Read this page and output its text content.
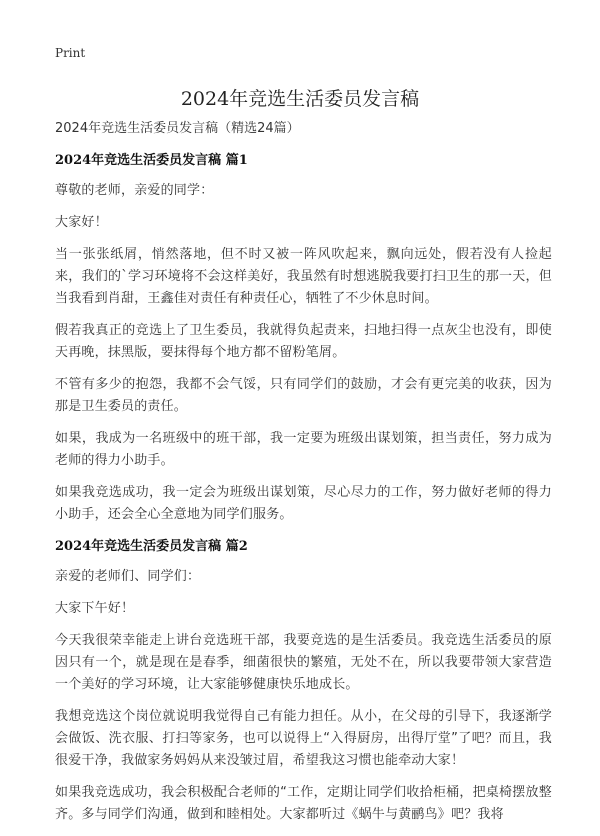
Print
2024年竞选生活委员发言稿

2024年竞选生活委员发言稿（精选24篇）

2024年竞选生活委员发言稿 篇1

尊敬的老师，亲爱的同学：

大家好！

当一张张纸屑，悄然落地，但不时又被一阵风吹起来，飘向远处，假若没有人捡起来，我们的`学习环境将不会这样美好，我虽然有时想逃脱我要打扫卫生的那一天，但当我看到肖甜，王鑫佳对责任有种责任心，牺牲了不少休息时间。

假若我真正的竞选上了卫生委员，我就得负起责来，扫地扫得一点灰尘也没有，即使天再晚，抹黑版，要抹得每个地方都不留粉笔屑。

不管有多少的抱怨，我都不会气馁，只有同学们的鼓励，才会有更完美的收获，因为那是卫生委员的责任。

如果，我成为一名班级中的班干部，我一定要为班级出谋划策，担当责任，努力成为老师的得力小助手。

如果我竞选成功，我一定会为班级出谋划策，尽心尽力的工作，努力做好老师的得力小助手，还会全心全意地为同学们服务。

2024年竞选生活委员发言稿 篇2

亲爱的老师们、同学们：

大家下午好！

今天我很荣幸能走上讲台竞选班干部，我要竞选的是生活委员。我竞选生活委员的原因只有一个，就是现在是春季，细菌很快的繁殖，无处不在，所以我要带领大家营造一个美好的学习环境，让大家能够健康快乐地成长。

我想竞选这个岗位就说明我觉得自己有能力担任。从小，在父母的引导下，我逐渐学会做饭、洗衣服、打扫等家务，也可以说得上“入得厨房，出得厅堂”了吧？而且，我很爱干净，我做家务妈妈从来没皱过眉，希望我这习惯也能牵动大家！

如果我竞选成功，我会积极配合老师的“工作，定期让同学们收拾柜桶，把桌椅摆放整齐。多与同学们沟通，做到和睦相处。大家都听过《蜗牛与黄鹂鸟》吧？我将
